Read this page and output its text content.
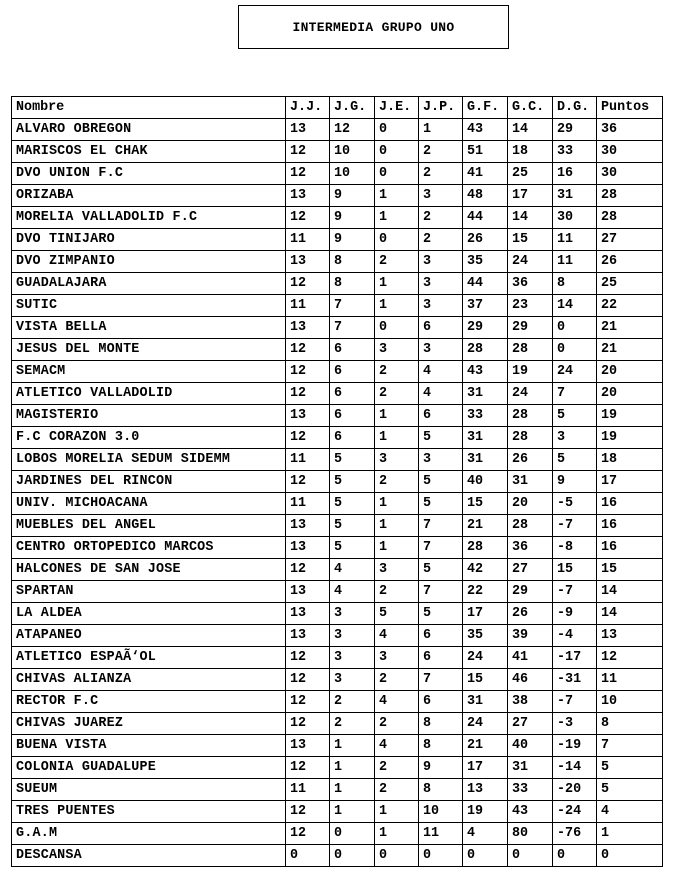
INTERMEDIA GRUPO UNO
Nombre	J.J.	J.G.	J.E.	J.P.	G.F.	G.C.	D.G.	Puntos
ALVARO OBREGON	13	12	0	1	43	14	29	36
MARISCOS EL CHAK	12	10	0	2	51	18	33	30
DVO UNION F.C	12	10	0	2	41	25	16	30
ORIZABA	13	9	1	3	48	17	31	28
MORELIA VALLADOLID F.C	12	9	1	2	44	14	30	28
DVO TINIJARO	11	9	0	2	26	15	11	27
DVO ZIMPANIO	13	8	2	3	35	24	11	26
GUADALAJARA	12	8	1	3	44	36	8	25
SUTIC	11	7	1	3	37	23	14	22
VISTA BELLA	13	7	0	6	29	29	0	21
JESUS DEL MONTE	12	6	3	3	28	28	0	21
SEMACM	12	6	2	4	43	19	24	20
ATLETICO VALLADOLID	12	6	2	4	31	24	7	20
MAGISTERIO	13	6	1	6	33	28	5	19
F.C CORAZON 3.0	12	6	1	5	31	28	3	19
LOBOS MORELIA SEDUM SIDEMM	11	5	3	3	31	26	5	18
JARDINES DEL RINCON	12	5	2	5	40	31	9	17
UNIV. MICHOACANA	11	5	1	5	15	20	-5	16
MUEBLES DEL ANGEL	13	5	1	7	21	28	-7	16
CENTRO ORTOPEDICO MARCOS	13	5	1	7	28	36	-8	16
HALCONES DE SAN JOSE	12	4	3	5	42	27	15	15
SPARTAN	13	4	2	7	22	29	-7	14
LA ALDEA	13	3	5	5	17	26	-9	14
ATAPANEO	13	3	4	6	35	39	-4	13
ATLETICO ESPAÃ‘OL	12	3	3	6	24	41	-17	12
CHIVAS ALIANZA	12	3	2	7	15	46	-31	11
RECTOR F.C	12	2	4	6	31	38	-7	10
CHIVAS JUAREZ	12	2	2	8	24	27	-3	8
BUENA VISTA	13	1	4	8	21	40	-19	7
COLONIA GUADALUPE	12	1	2	9	17	31	-14	5
SUEUM	11	1	2	8	13	33	-20	5
TRES PUENTES	12	1	1	10	19	43	-24	4
G.A.M	12	0	1	11	4	80	-76	1
DESCANSA	0	0	0	0	0	0	0	0
